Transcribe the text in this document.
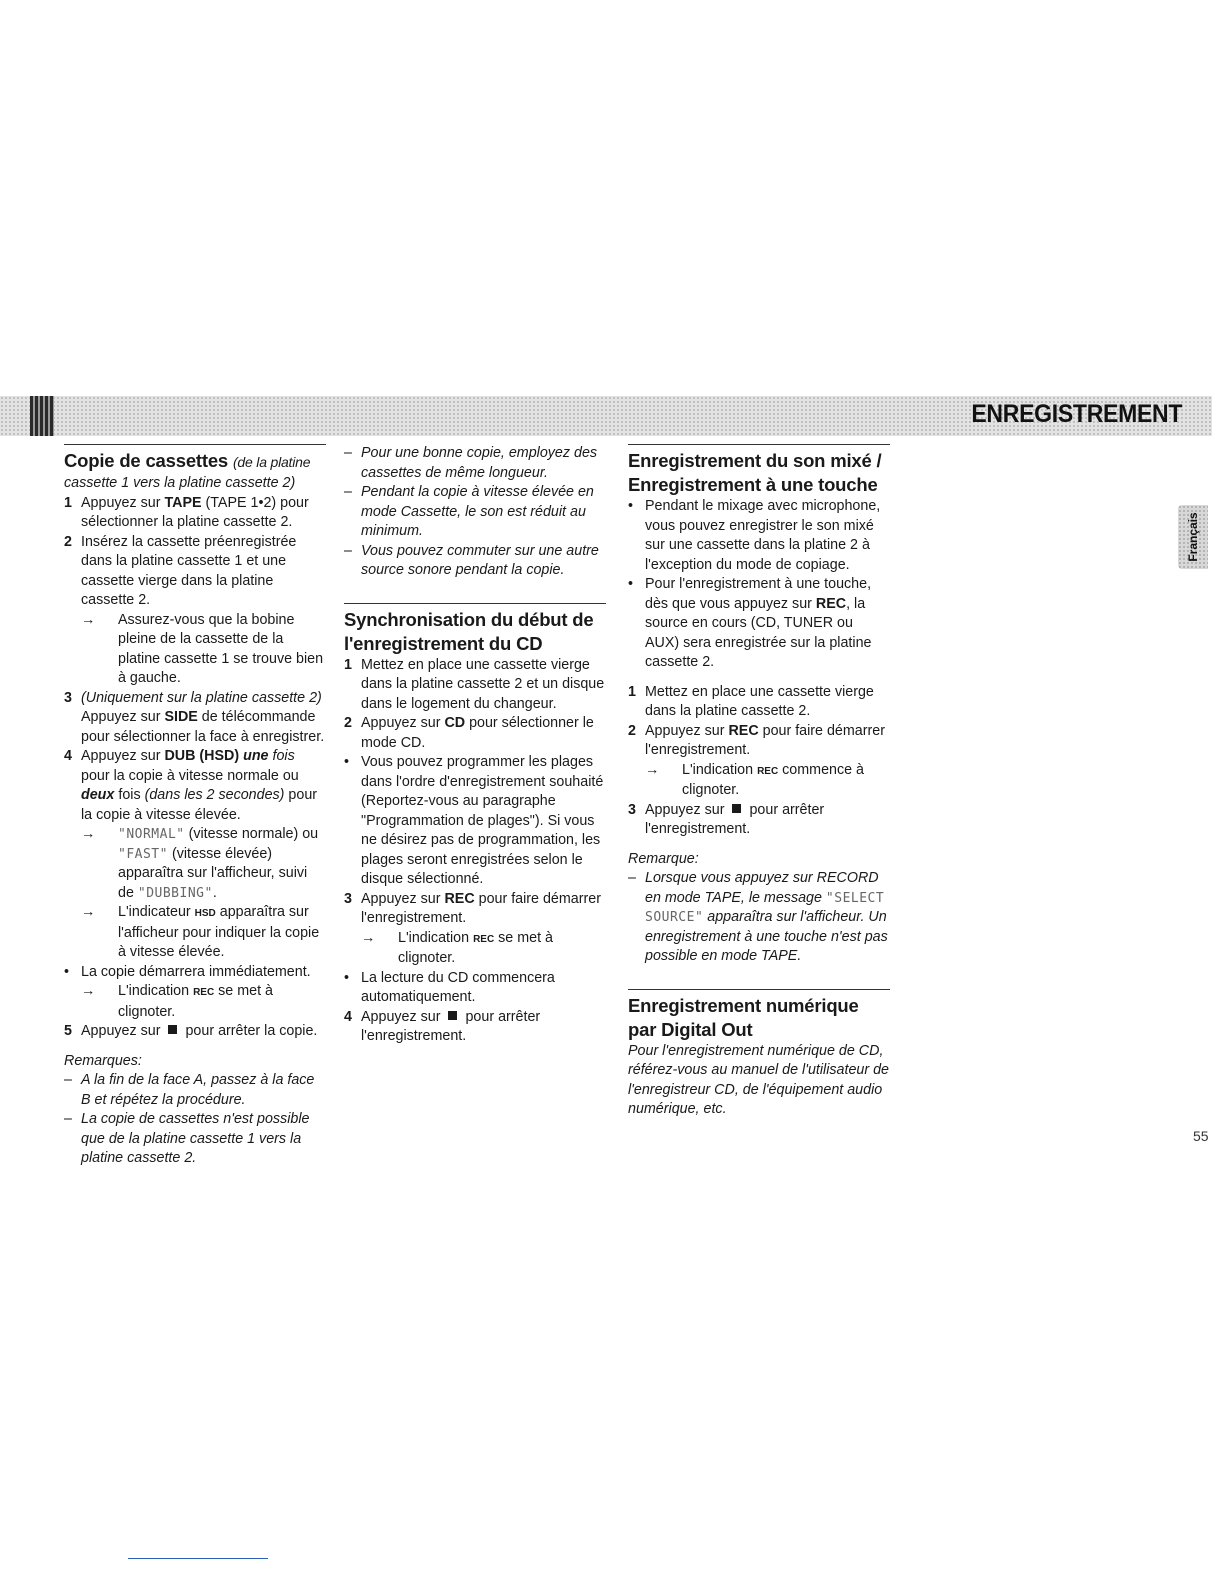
ENREGISTREMENT
Français
Copie de cassettes (de la platine

cassette 1 vers la platine cassette 2)

1 Appuyez sur TAPE (TAPE 1•2) pour sélectionner la platine cassette 2.
2 Insérez la cassette préenregistrée dans la platine cassette 1 et une cassette vierge dans la platine cassette 2.
→	Assurez-vous que la bobine pleine de la cassette de la platine cassette 1 se trouve bien à gauche.
3 (Uniquement sur la platine cassette 2) Appuyez sur SIDE de télécommande pour sélectionner la face à enregistrer.
4 Appuyez sur DUB (HSD) une fois pour la copie à vitesse normale ou deux fois (dans les 2 secondes) pour la copie à vitesse élevée.
→	"NORMAL" (vitesse normale) ou "FAST" (vitesse élevée) apparaîtra sur l'afficheur, suivi de "DUBBING".
→	L'indicateur HSD apparaîtra sur l'afficheur pour indiquer la copie à vitesse élevée.
• La copie démarrera immédiatement.
→	L'indication REC se met à clignoter.
5 Appuyez sur pour arrêter la copie.

Remarques:

– A la fin de la face A, passez à la face B et répétez la procédure.
– La copie de cassettes n'est possible que de la platine cassette 1 vers la platine cassette 2.
– Pour une bonne copie, employez des cassettes de même longueur.
– Pendant la copie à vitesse élevée en mode Cassette, le son est réduit au minimum.
– Vous pouvez commuter sur une autre source sonore pendant la copie.
Synchronisation du début de l'enregistrement du CD
1 Mettez en place une cassette vierge dans la platine cassette 2 et un disque dans le logement du changeur.
2 Appuyez sur CD pour sélectionner le mode CD.
• Vous pouvez programmer les plages dans l'ordre d'enregistrement souhaité (Reportez-vous au paragraphe "Programmation de plages"). Si vous ne désirez pas de programmation, les plages seront enregistrées selon le disque sélectionné.
3 Appuyez sur REC pour faire démarrer l'enregistrement.
→	L'indication REC se met à clignoter.
• La lecture du CD commencera automatiquement.
4 Appuyez sur pour arrêter l'enregistrement.
Enregistrement du son mixé / Enregistrement à une touche
• Pendant le mixage avec microphone, vous pouvez enregistrer le son mixé sur une cassette dans la platine 2 à l'exception du mode de copiage.
• Pour l'enregistrement à une touche, dès que vous appuyez sur REC, la source en cours (CD, TUNER ou AUX) sera enregistrée sur la platine cassette 2.
1 Mettez en place une cassette vierge dans la platine cassette 2.
2 Appuyez sur REC pour faire démarrer l'enregistrement.
→	L'indication REC commence à clignoter.
3 Appuyez sur pour arrêter l'enregistrement.

Remarque:

– Lorsque vous appuyez sur RECORD en mode TAPE, le message "SELECT SOURCE" apparaîtra sur l'afficheur. Un enregistrement à une touche n'est pas possible en mode TAPE.
Enregistrement numérique par Digital Out

Pour l'enregistrement numérique de CD, référez-vous au manuel de l'utilisateur de l'enregistreur CD, de l'équipement audio numérique, etc.

55
